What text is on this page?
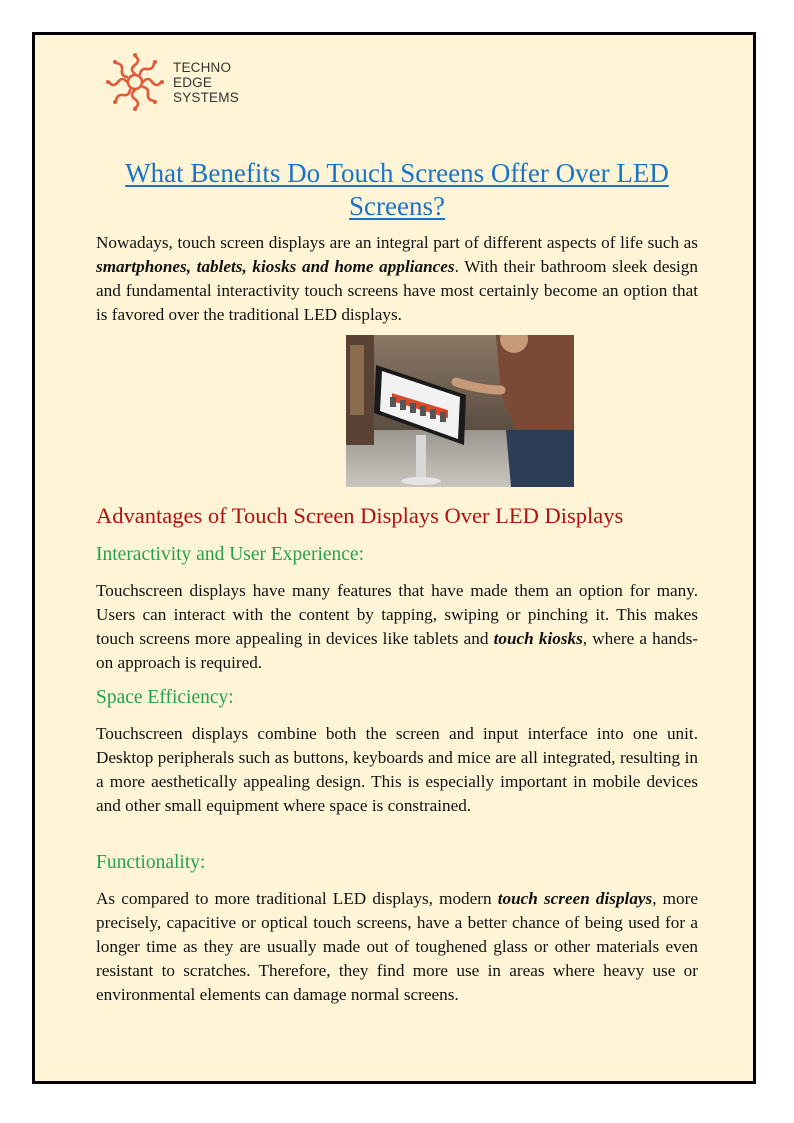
TECHNO
EDGE
SYSTEMS
What Benefits Do Touch Screens Offer Over LED Screens?

Nowadays, touch screen displays are an integral part of different aspects of life such as smartphones, tablets, kiosks and home appliances. With their bathroom sleek design and fundamental interactivity touch screens have most certainly become an option that is favored over the traditional LED displays.

Advantages of Touch Screen Displays Over LED Displays
Interactivity and User Experience:

Touchscreen displays have many features that have made them an option for many. Users can interact with the content by tapping, swiping or pinching it. This makes touch screens more appealing in devices like tablets and touch kiosks, where a hands-on approach is required.

Space Efficiency:

Touchscreen displays combine both the screen and input interface into one unit. Desktop peripherals such as buttons, keyboards and mice are all integrated, resulting in a more aesthetically appealing design. This is especially important in mobile devices and other small equipment where space is constrained.

Functionality:

As compared to more traditional LED displays, modern touch screen displays, more precisely, capacitive or optical touch screens, have a better chance of being used for a longer time as they are usually made out of toughened glass or other materials even resistant to scratches. Therefore, they find more use in areas where heavy use or environmental elements can damage normal screens.
